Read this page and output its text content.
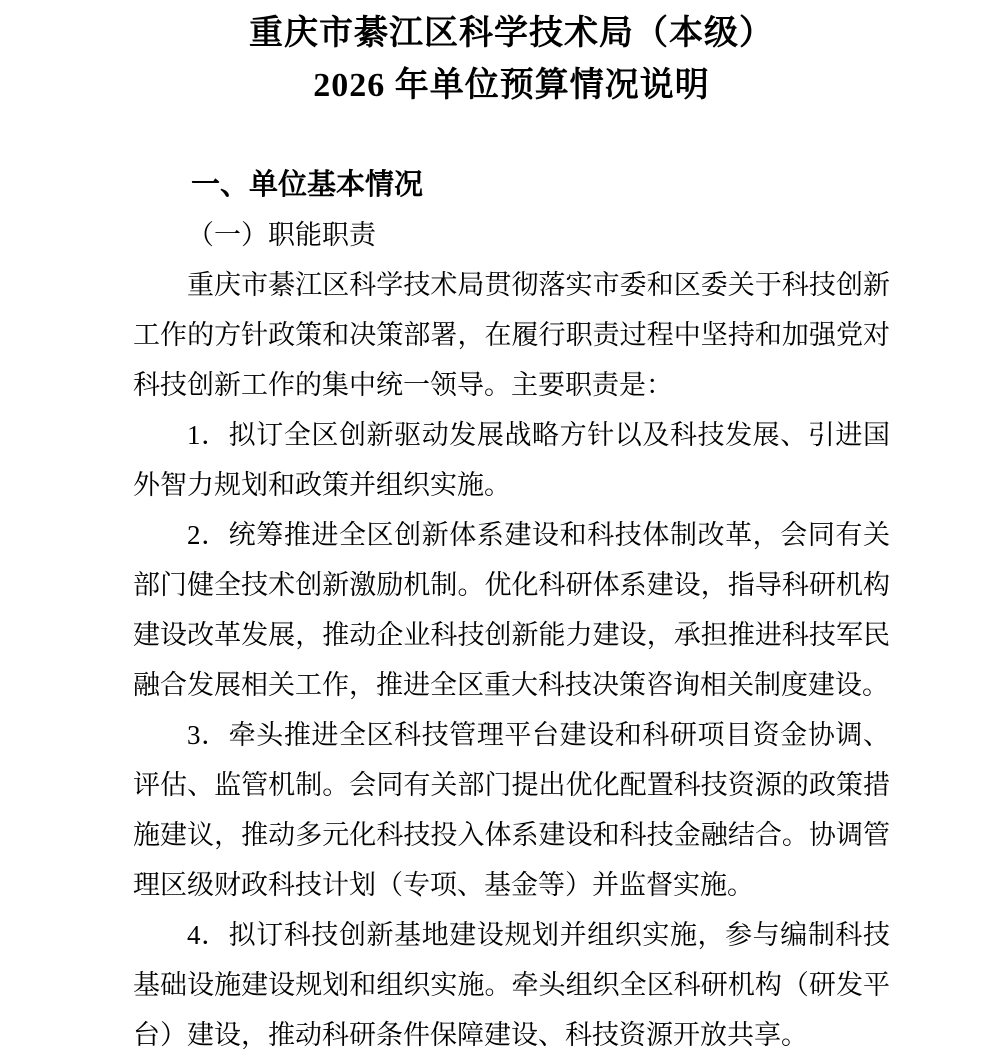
重庆市綦江区科学技术局（本级）
2026 年单位预算情况说明
一、单位基本情况
（一）职能职责

重庆市綦江区科学技术局贯彻落实市委和区委关于科技创新工作的方针政策和决策部署，在履行职责过程中坚持和加强党对科技创新工作的集中统一领导。主要职责是：

1．拟订全区创新驱动发展战略方针以及科技发展、引进国外智力规划和政策并组织实施。

2．统筹推进全区创新体系建设和科技体制改革，会同有关部门健全技术创新激励机制。优化科研体系建设，指导科研机构建设改革发展，推动企业科技创新能力建设，承担推进科技军民融合发展相关工作，推进全区重大科技决策咨询相关制度建设。

3．牵头推进全区科技管理平台建设和科研项目资金协调、评估、监管机制。会同有关部门提出优化配置科技资源的政策措施建议，推动多元化科技投入体系建设和科技金融结合。协调管理区级财政科技计划（专项、基金等）并监督实施。

4．拟订科技创新基地建设规划并组织实施，参与编制科技基础设施建设规划和组织实施。牵头组织全区科研机构（研发平台）建设，推动科研条件保障建设、科技资源开放共享。
